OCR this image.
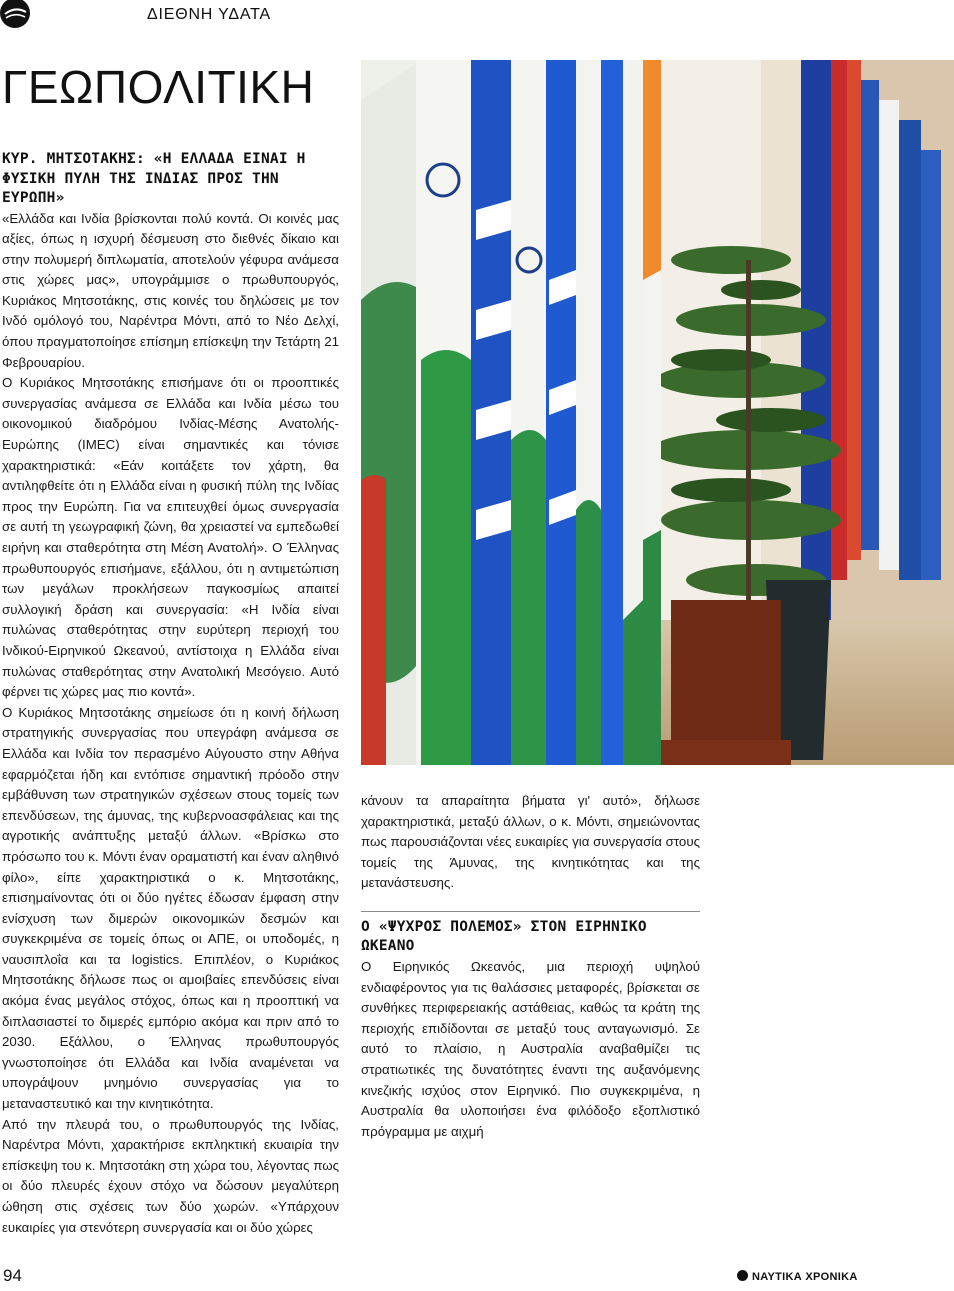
ΔΙΕΘΝΗ ΥΔΑΤΑ
ΓΕΩΠΟΛΙΤΙΚΗ

ΚΥΡ. ΜΗΤΣΟΤΑΚΗΣ: «Η ΕΛΛΑΔΑ ΕΙΝΑΙ Η ΦΥΣΙΚΗ ΠΥΛΗ ΤΗΣ ΙΝΔΙΑΣ ΠΡΟΣ ΤΗΝ ΕΥΡΩΠΗ»

«Ελλάδα και Ινδία βρίσκονται πολύ κοντά. Οι κοινές μας αξίες, όπως η ισχυρή δέσμευση στο διεθνές δίκαιο και στην πολυμερή διπλωματία, αποτελούν γέφυρα ανάμεσα στις χώρες μας», υπογράμμισε ο πρωθυπουργός, Κυριάκος Μητσοτάκης, στις κοινές του δηλώσεις με τον Ινδό ομόλογό του, Ναρέντρα Μόντι, από το Νέο Δελχί, όπου πραγματοποίησε επίσημη επίσκεψη την Τετάρτη 21 Φεβρουαρίου.

Ο Κυριάκος Μητσοτάκης επισήμανε ότι οι προοπτικές συνεργασίας ανάμεσα σε Ελλάδα και Ινδία μέσω του οικονομικού διαδρόμου Ινδίας-Μέσης Ανατολής-Ευρώπης (IMEC) είναι σημαντικές και τόνισε χαρακτηριστικά: «Εάν κοιτάξετε τον χάρτη, θα αντιληφθείτε ότι η Ελλάδα είναι η φυσική πύλη της Ινδίας προς την Ευρώπη. Για να επιτευχθεί όμως συνεργασία σε αυτή τη γεωγραφική ζώνη, θα χρειαστεί να εμπεδωθεί ειρήνη και σταθερότητα στη Μέση Ανατολή». Ο Έλληνας πρωθυπουργός επισήμανε, εξάλλου, ότι η αντιμετώπιση των μεγάλων προκλήσεων παγκοσμίως απαιτεί συλλογική δράση και συνεργασία: «Η Ινδία είναι πυλώνας σταθερότητας στην ευρύτερη περιοχή του Ινδικού-Ειρηνικού Ωκεανού, αντίστοιχα η Ελλάδα είναι πυλώνας σταθερότητας στην Ανατολική Μεσόγειο. Αυτό φέρνει τις χώρες μας πιο κοντά».

Ο Κυριάκος Μητσοτάκης σημείωσε ότι η κοινή δήλωση στρατηγικής συνεργασίας που υπεγράφη ανάμεσα σε Ελλάδα και Ινδία τον περασμένο Αύγουστο στην Αθήνα εφαρμόζεται ήδη και εντόπισε σημαντική πρόοδο στην εμβάθυνση των στρατηγικών σχέσεων στους τομείς των επενδύσεων, της άμυνας, της κυβερνοασφάλειας και της αγροτικής ανάπτυξης μεταξύ άλλων. «Βρίσκω στο πρόσωπο του κ. Μόντι έναν οραματιστή και έναν αληθινό φίλο», είπε χαρακτηριστικά ο κ. Μητσοτάκης, επισημαίνοντας ότι οι δύο ηγέτες έδωσαν έμφαση στην ενίσχυση των διμερών οικονομικών δεσμών και συγκεκριμένα σε τομείς όπως οι ΑΠΕ, οι υποδομές, η ναυσιπλοΐα και τα logistics. Επιπλέον, ο Κυριάκος Μητσοτάκης δήλωσε πως οι αμοιβαίες επενδύσεις είναι ακόμα ένας μεγάλος στόχος, όπως και η προοπτική να διπλασιαστεί το διμερές εμπόριο ακόμα και πριν από το 2030. Εξάλλου, ο Έλληνας πρωθυπουργός γνωστοποίησε ότι Ελλάδα και Ινδία αναμένεται να υπογράψουν μνημόνιο συνεργασίας για το μεταναστευτικό και την κινητικότητα.

Από την πλευρά του, ο πρωθυπουργός της Ινδίας, Ναρέντρα Μόντι, χαρακτήρισε εκπληκτική εκυαιρία την επίσκεψη του κ. Μητσοτάκη στη χώρα του, λέγοντας πως οι δύο πλευρές έχουν στόχο να δώσουν μεγαλύτερη ώθηση στις σχέσεις των δύο χωρών. «Υπάρχουν ευκαιρίες για στενότερη συνεργασία και οι δύο χώρες

κάνουν τα απαραίτητα βήματα γι' αυτό», δήλωσε χαρακτηριστικά, μεταξύ άλλων, ο κ. Μόντι, σημειώνοντας πως παρουσιάζονται νέες ευκαιρίες για συνεργασία στους τομείς της Άμυνας, της κινητικότητας και της μετανάστευσης.

Ο «ΨΥΧΡΟΣ ΠΟΛΕΜΟΣ» ΣΤΟΝ ΕΙΡΗΝΙΚΟ ΩΚΕΑΝΟ

Ο Ειρηνικός Ωκεανός, μια περιοχή υψηλού ενδιαφέροντος για τις θαλάσσιες μεταφορές, βρίσκεται σε συνθήκες περιφερειακής αστάθειας, καθώς τα κράτη της περιοχής επιδίδονται σε μεταξύ τους ανταγωνισμό. Σε αυτό το πλαίσιο, η Αυστραλία αναβαθμίζει τις στρατιωτικές της δυνατότητες έναντι της αυξανόμενης κινεζικής ισχύος στον Ειρηνικό. Πιο συγκεκριμένα, η Αυστραλία θα υλοποιήσει ένα φιλόδοξο εξοπλιστικό πρόγραμμα με αιχμή

94	ΝΑΥΤΙΚΑ ΧΡΟΝΙΚΑ
